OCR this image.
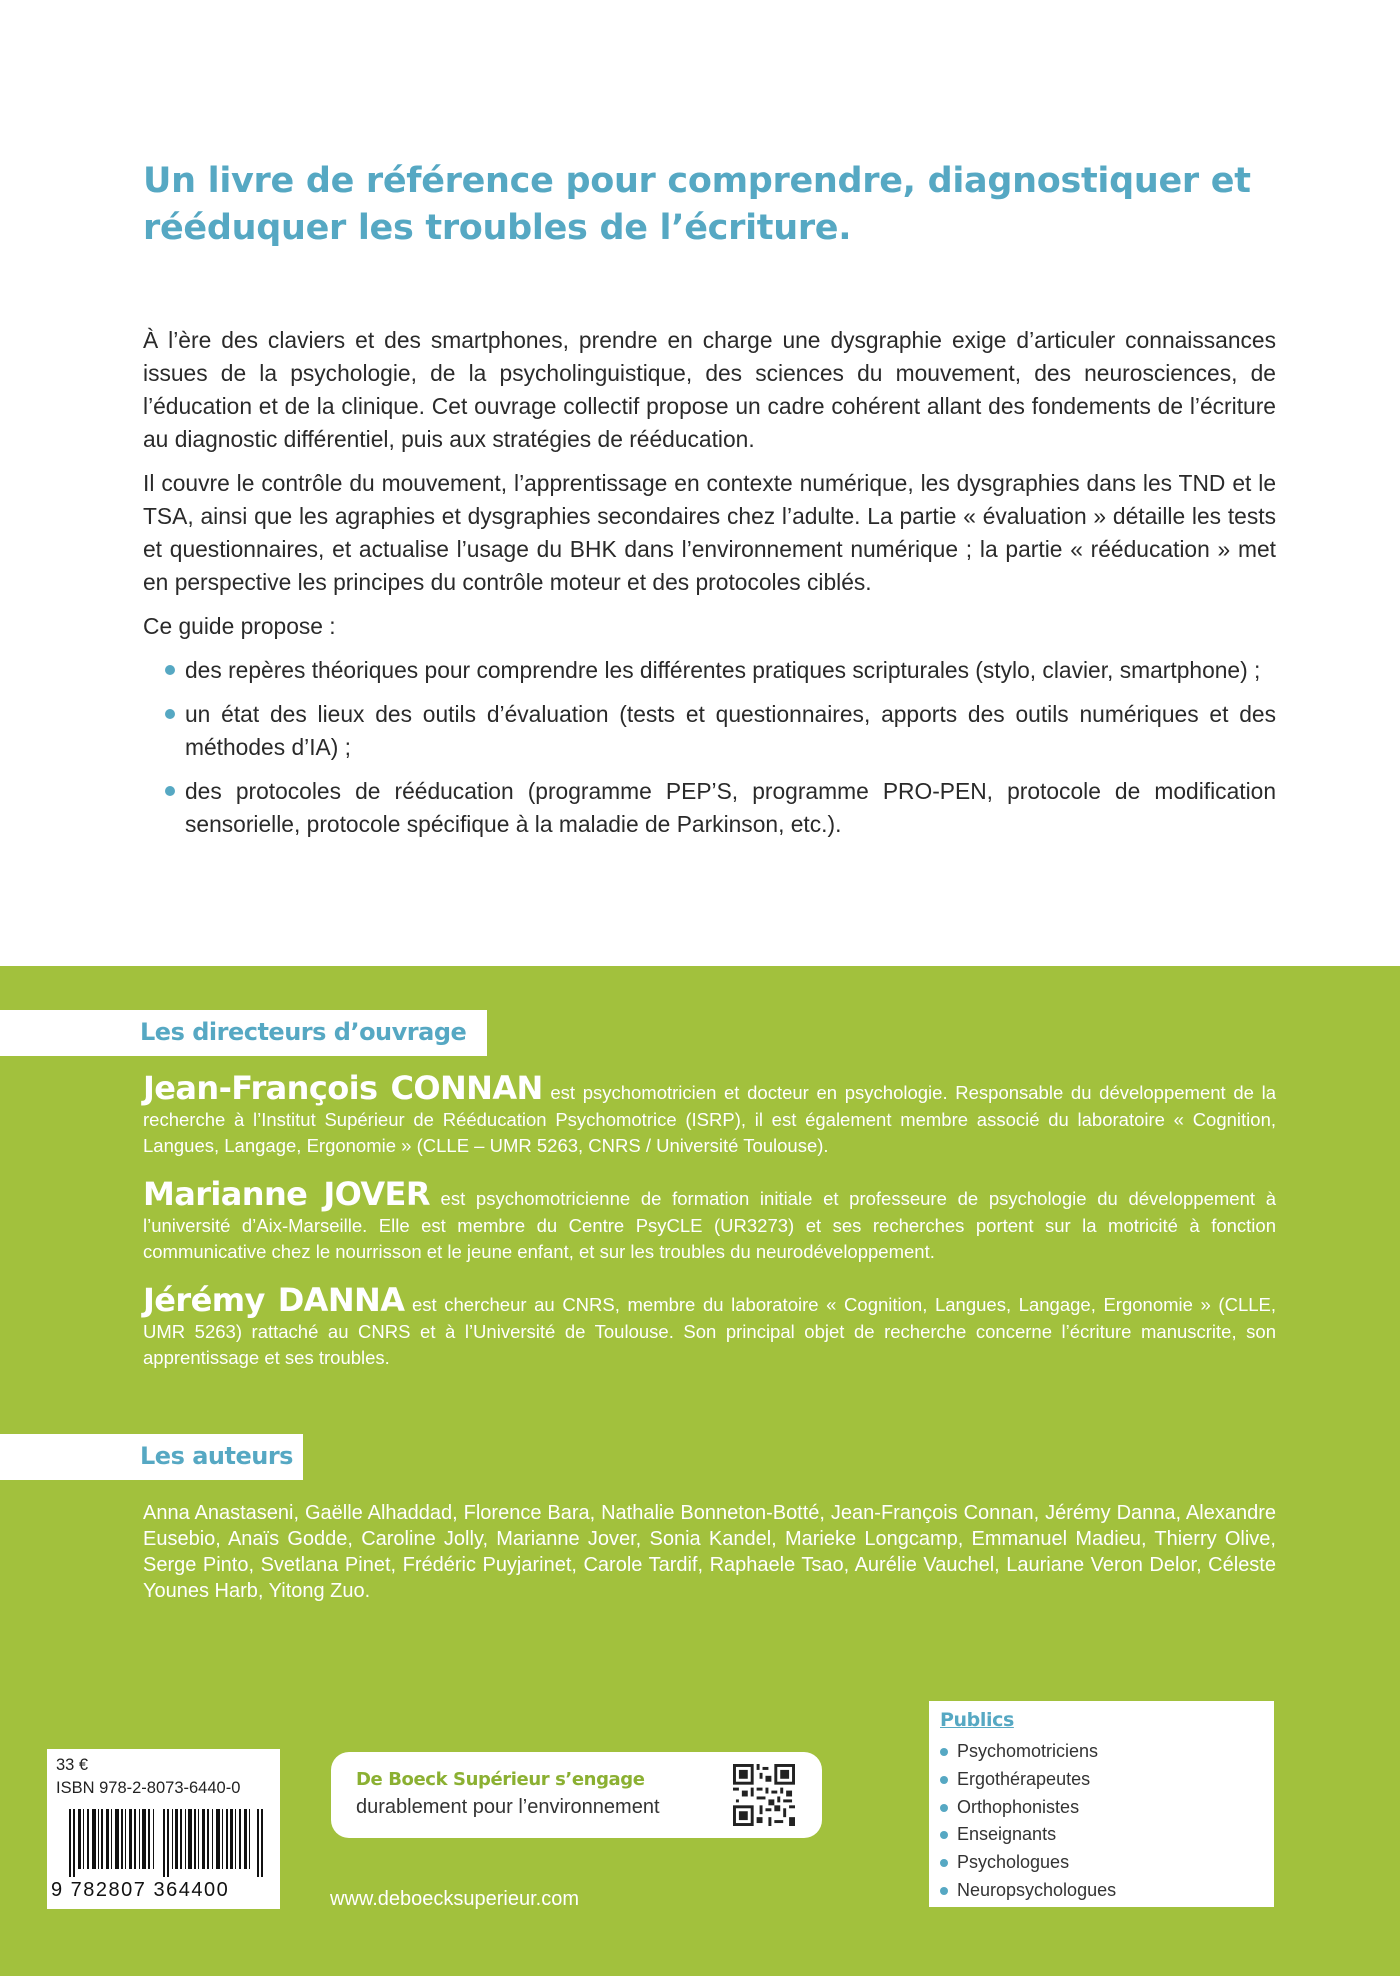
Un livre de référence pour comprendre, diagnostiquer et rééduquer les troubles de l’écriture.

À l’ère des claviers et des smartphones, prendre en charge une dysgraphie exige d’articuler connaissances issues de la psychologie, de la psycholinguistique, des sciences du mouvement, des neurosciences, de l’éducation et de la clinique. Cet ouvrage collectif propose un cadre cohérent allant des fondements de l’écriture au diagnostic différentiel, puis aux stratégies de rééducation.

Il couvre le contrôle du mouvement, l’apprentissage en contexte numérique, les dysgraphies dans les TND et le TSA, ainsi que les agraphies et dysgraphies secondaires chez l’adulte. La partie « évaluation » détaille les tests et questionnaires, et actualise l’usage du BHK dans l’environnement numérique ; la partie « rééducation » met en perspective les principes du contrôle moteur et des protocoles ciblés.

Ce guide propose :

des repères théoriques pour comprendre les différentes pratiques scripturales (stylo, clavier, smartphone) ;
un état des lieux des outils d’évaluation (tests et questionnaires, apports des outils numériques et des méthodes d’IA) ;
des protocoles de rééducation (programme PEP’S, programme PRO-PEN, protocole de modification sensorielle, protocole spécifique à la maladie de Parkinson, etc.).
Les directeurs d’ouvrage
Jean-François CONNAN est psychomotricien et docteur en psychologie. Responsable du développement de la recherche à l’Institut Supérieur de Rééducation Psychomotrice (ISRP), il est également membre associé du laboratoire « Cognition, Langues, Langage, Ergonomie » (CLLE – UMR 5263, CNRS / Université Toulouse).
Marianne JOVER est psychomotricienne de formation initiale et professeure de psychologie du développement à l’université d’Aix-Marseille. Elle est membre du Centre PsyCLE (UR3273) et ses recherches portent sur la motricité à fonction communicative chez le nourrisson et le jeune enfant, et sur les troubles du neurodéveloppement.
Jérémy DANNA est chercheur au CNRS, membre du laboratoire « Cognition, Langues, Langage, Ergonomie » (CLLE, UMR 5263) rattaché au CNRS et à l’Université de Toulouse. Son principal objet de recherche concerne l’écriture manuscrite, son apprentissage et ses troubles.
Les auteurs
Anna Anastaseni, Gaëlle Alhaddad, Florence Bara, Nathalie Bonneton-Botté, Jean-François Connan, Jérémy Danna, Alexandre Eusebio, Anaïs Godde, Caroline Jolly, Marianne Jover, Sonia Kandel, Marieke Longcamp, Emmanuel Madieu, Thierry Olive, Serge Pinto, Svetlana Pinet, Frédéric Puyjarinet, Carole Tardif, Raphaele Tsao, Aurélie Vauchel, Lauriane Veron Delor, Céleste Younes Harb, Yitong Zuo.
33 €
ISBN 978-2-8073-6440-0
9 782807 364400
De Boeck Supérieur s’engage
durablement pour l’environnement
www.deboecksuperieur.com
Publics
Psychomotriciens
Ergothérapeutes
Orthophonistes
Enseignants
Psychologues
Neuropsychologues
